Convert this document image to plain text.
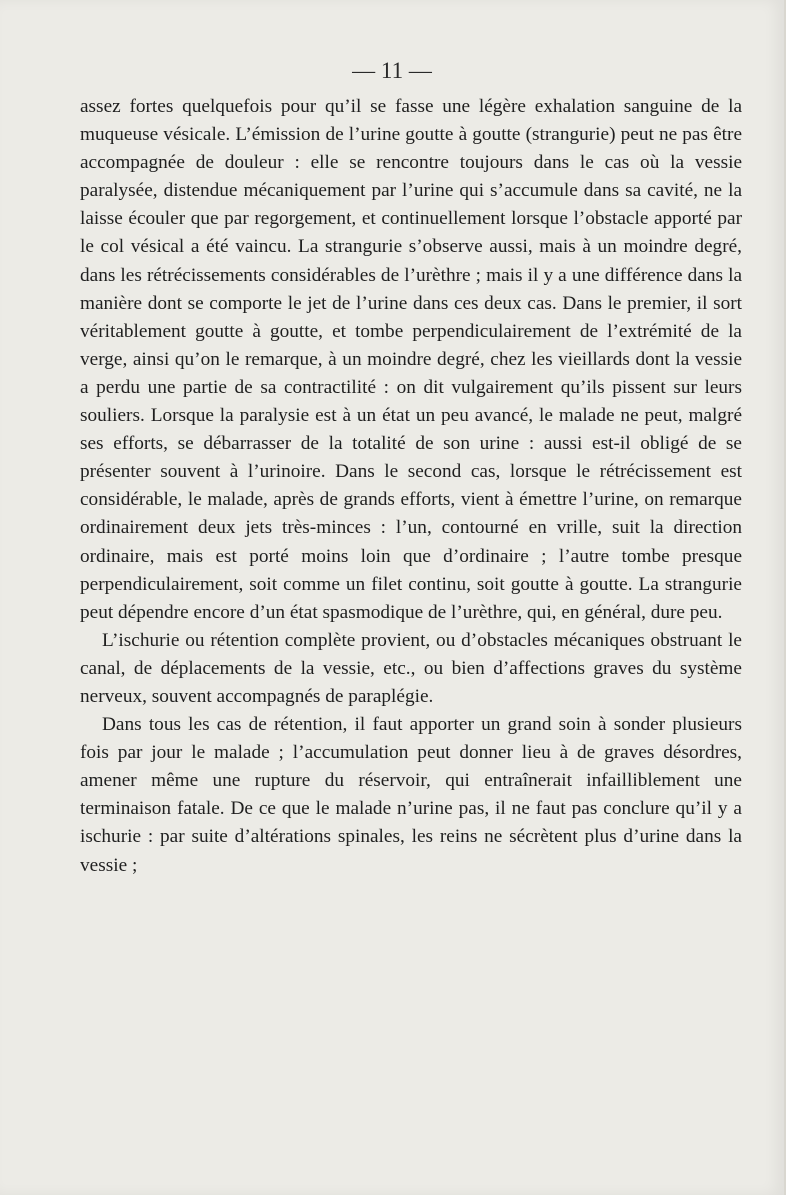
— 11 —

assez fortes quelquefois pour qu’il se fasse une légère exhalation sanguine de la muqueuse vésicale. L’émission de l’urine goutte à goutte (strangurie) peut ne pas être accompagnée de douleur : elle se rencontre toujours dans le cas où la vessie paralysée, distendue mécaniquement par l’urine qui s’accumule dans sa cavité, ne la laisse écouler que par regorgement, et continuellement lorsque l’obstacle apporté par le col vésical a été vaincu. La strangurie s’observe aussi, mais à un moindre degré, dans les rétrécissements considérables de l’urèthre ; mais il y a une différence dans la manière dont se comporte le jet de l’urine dans ces deux cas. Dans le premier, il sort véritablement goutte à goutte, et tombe perpendiculairement de l’extrémité de la verge, ainsi qu’on le remarque, à un moindre degré, chez les vieillards dont la vessie a perdu une partie de sa contractilité : on dit vulgairement qu’ils pissent sur leurs souliers. Lorsque la paralysie est à un état un peu avancé, le malade ne peut, malgré ses efforts, se débarrasser de la totalité de son urine : aussi est-il obligé de se présenter souvent à l’urinoire. Dans le second cas, lorsque le rétrécissement est considérable, le malade, après de grands efforts, vient à émettre l’urine, on remarque ordinairement deux jets très-minces : l’un, contourné en vrille, suit la direction ordinaire, mais est porté moins loin que d’ordinaire ; l’autre tombe presque perpendiculairement, soit comme un filet continu, soit goutte à goutte. La strangurie peut dépendre encore d’un état spasmodique de l’urèthre, qui, en général, dure peu.

L’ischurie ou rétention complète provient, ou d’obstacles mécaniques obstruant le canal, de déplacements de la vessie, etc., ou bien d’affections graves du système nerveux, souvent accompagnés de paraplégie.

Dans tous les cas de rétention, il faut apporter un grand soin à sonder plusieurs fois par jour le malade ; l’accumulation peut donner lieu à de graves désordres, amener même une rupture du réservoir, qui entraînerait infailliblement une terminaison fatale. De ce que le malade n’urine pas, il ne faut pas conclure qu’il y a ischurie : par suite d’altérations spinales, les reins ne sécrètent plus d’urine dans la vessie ;
